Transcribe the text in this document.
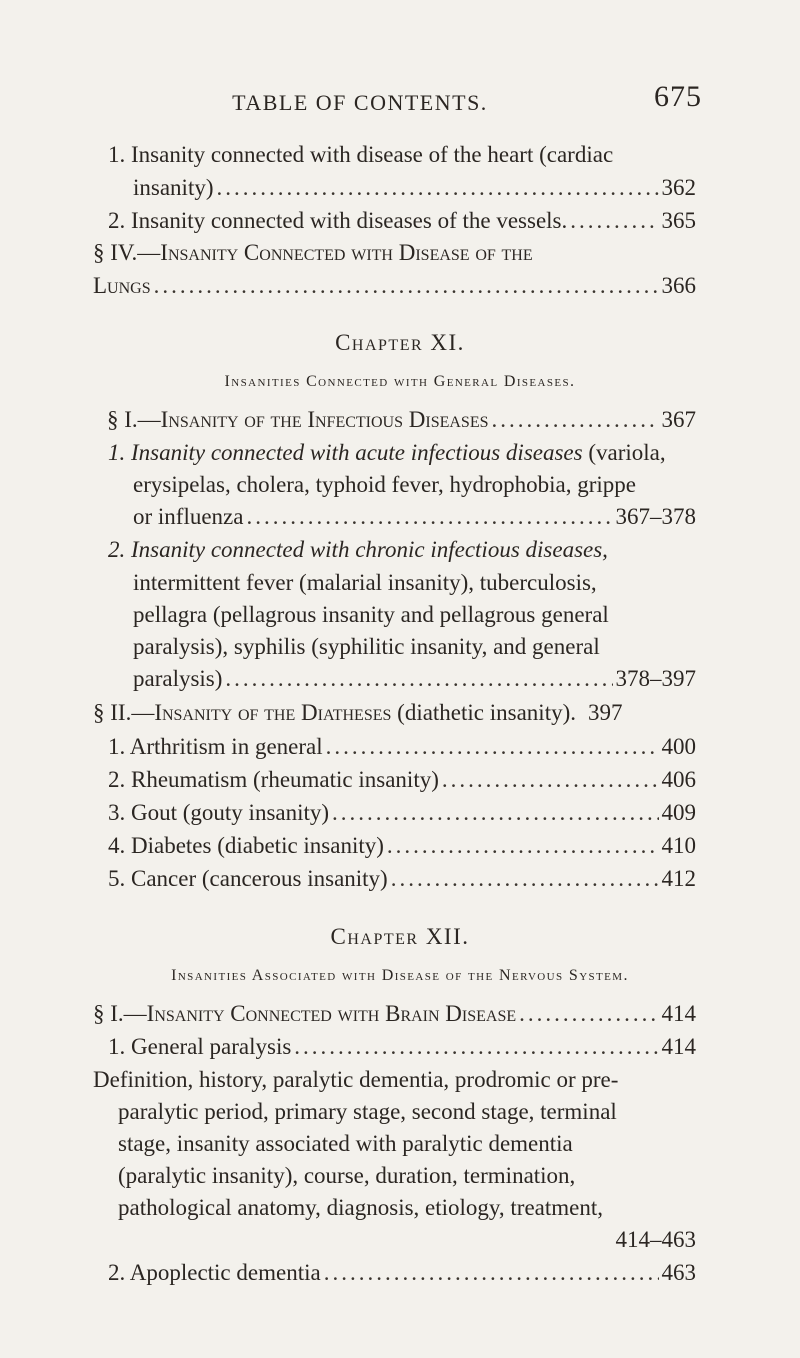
TABLE OF CONTENTS.	675
1. Insanity connected with disease of the heart (cardiac
insanity) .....	362
2. Insanity connected with diseases of the vessels. .....	365
§ IV.—Insanity Connected with Disease of the
Lungs .....	366
Chapter XI.
Insanities Connected with General Diseases.
§ I.—Insanity of the Infectious Diseases .....	367
1. Insanity connected with acute infectious diseases (variola,
erysipelas, cholera, typhoid fever, hydrophobia, grippe
or influenza .....	367–378
2. Insanity connected with chronic infectious diseases,
intermittent fever (malarial insanity), tuberculosis,
pellagra (pellagrous insanity and pellagrous general
paralysis), syphilis (syphilitic insanity, and general
paralysis) .....	378–397
§ II.—Insanity of the Diatheses (diathetic insanity). 397
1. Arthritism in general .....	400
2. Rheumatism (rheumatic insanity) .....	406
3. Gout (gouty insanity) .....	409
4. Diabetes (diabetic insanity) .....	410
5. Cancer (cancerous insanity) .....	412
Chapter XII.
Insanities Associated with Disease of the Nervous System.
§ I.—Insanity Connected with Brain Disease .....	414
1. General paralysis .....	414
Definition, history, paralytic dementia, prodromic or pre-
paralytic period, primary stage, second stage, terminal
stage, insanity associated with paralytic dementia
(paralytic insanity), course, duration, termination,
pathological anatomy, diagnosis, etiology, treatment,
414–463
2. Apoplectic dementia .....	463
